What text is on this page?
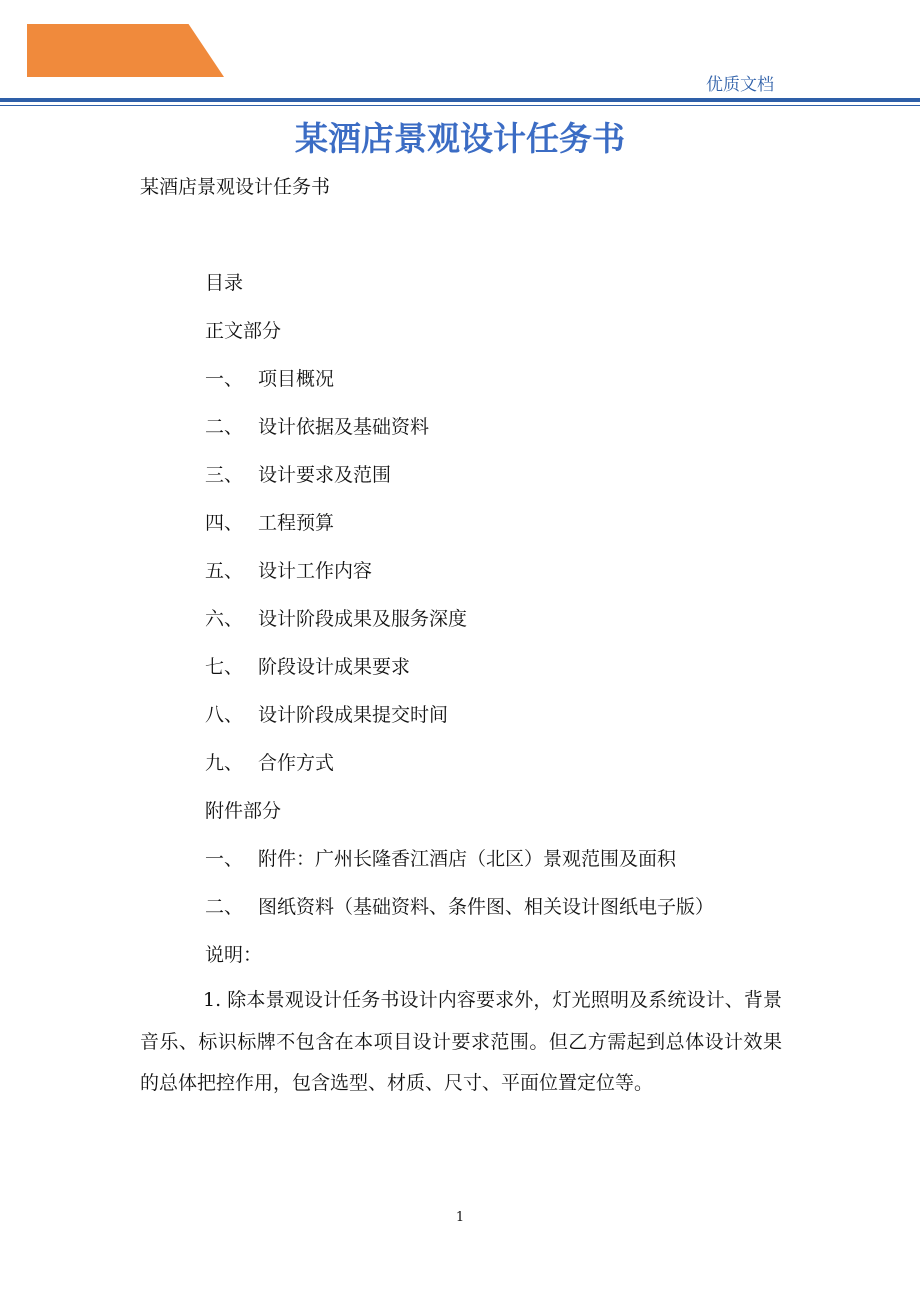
优质文档
某酒店景观设计任务书
某酒店景观设计任务书
目录
正文部分
一、 项目概况
二、 设计依据及基础资料
三、 设计要求及范围
四、 工程预算
五、 设计工作内容
六、 设计阶段成果及服务深度
七、 阶段设计成果要求
八、 设计阶段成果提交时间
九、 合作方式
附件部分
一、 附件：广州长隆香江酒店（北区）景观范围及面积
二、 图纸资料（基础资料、条件图、相关设计图纸电子版）
说明：
1. 除本景观设计任务书设计内容要求外，灯光照明及系统设计、背景音乐、标识标牌不包含在本项目设计要求范围。但乙方需起到总体设计效果的总体把控作用，包含选型、材质、尺寸、平面位置定位等。
1
